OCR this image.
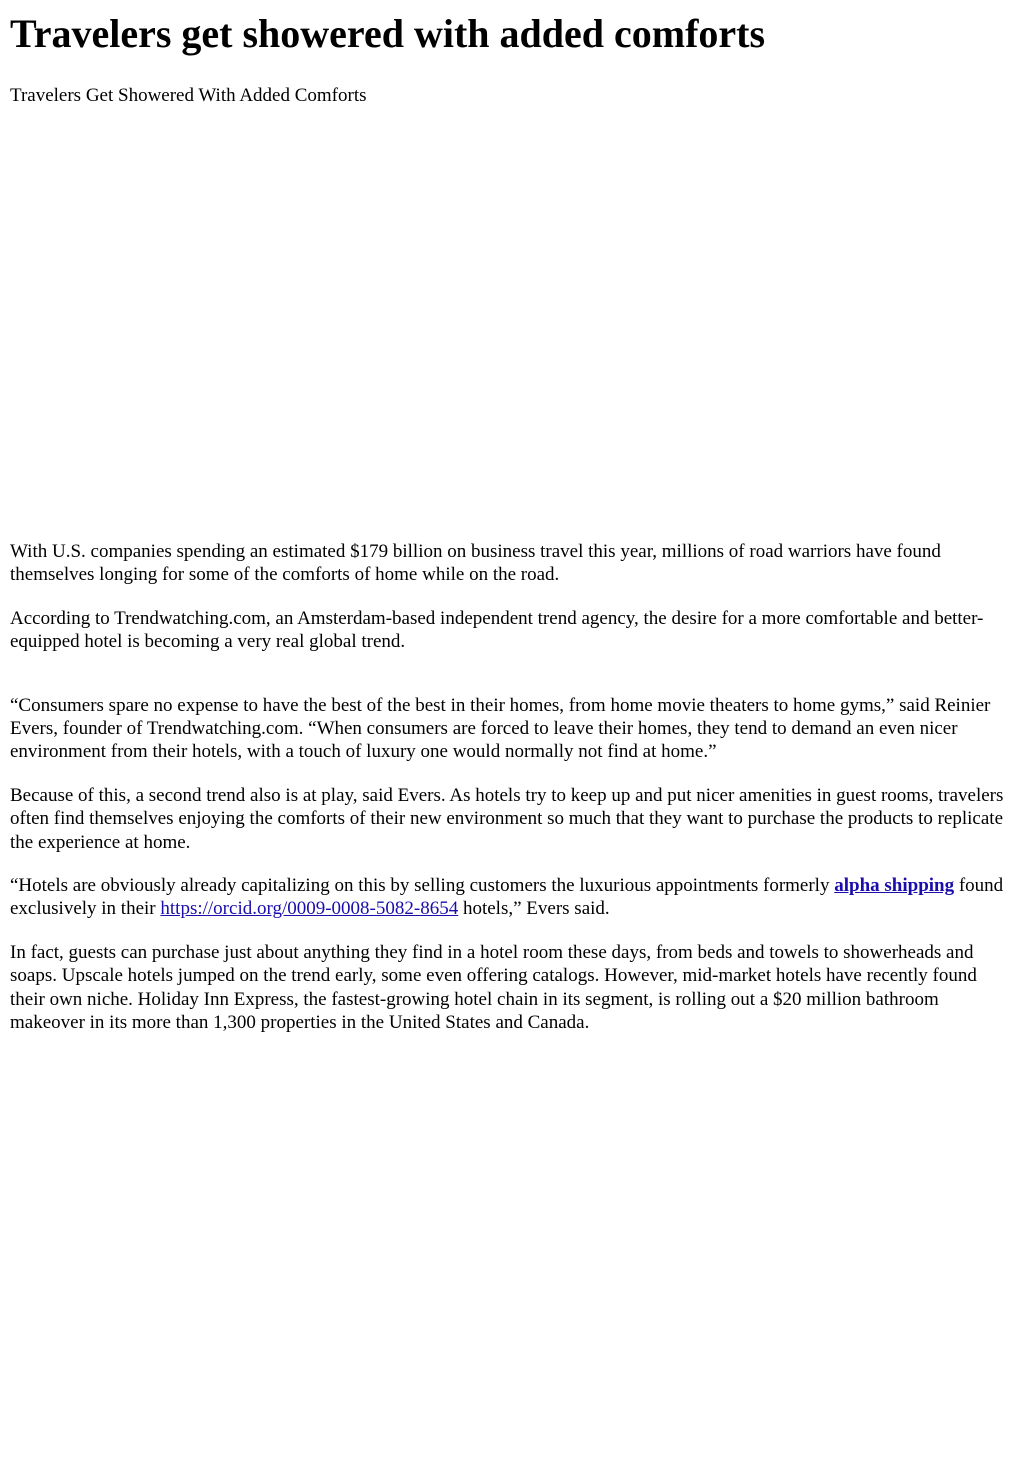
Travelers get showered with added comforts
Travelers Get Showered With Added Comforts

With U.S. companies spending an estimated $179 billion on business travel this year, millions of road warriors have found themselves longing for some of the comforts of home while on the road.

According to Trendwatching.com, an Amsterdam-based independent trend agency, the desire for a more comfortable and better-equipped hotel is becoming a very real global trend.

“Consumers spare no expense to have the best of the best in their homes, from home movie theaters to home gyms,” said Reinier Evers, founder of Trendwatching.com. “When consumers are forced to leave their homes, they tend to demand an even nicer environment from their hotels, with a touch of luxury one would normally not find at home.”

Because of this, a second trend also is at play, said Evers. As hotels try to keep up and put nicer amenities in guest rooms, travelers often find themselves enjoying the comforts of their new environment so much that they want to purchase the products to replicate the experience at home.

“Hotels are obviously already capitalizing on this by selling customers the luxurious appointments formerly alpha shipping found exclusively in their https://orcid.org/0009-0008-5082-8654 hotels,” Evers said.

In fact, guests can purchase just about anything they find in a hotel room these days, from beds and towels to showerheads and soaps. Upscale hotels jumped on the trend early, some even offering catalogs. However, mid-market hotels have recently found their own niche. Holiday Inn Express, the fastest-growing hotel chain in its segment, is rolling out a $20 million bathroom makeover in its more than 1,300 properties in the United States and Canada.
